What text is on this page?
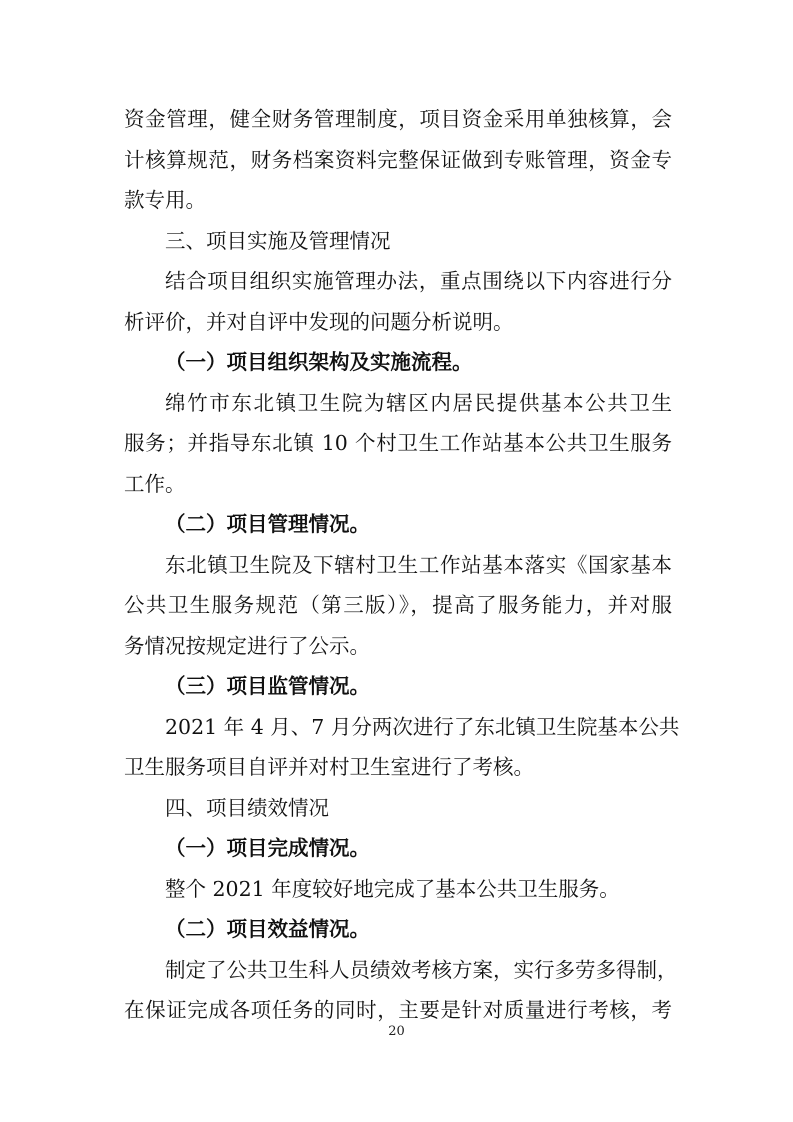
资金管理，健全财务管理制度，项目资金采用单独核算，会
计核算规范，财务档案资料完整保证做到专账管理，资金专
款专用。
三、项目实施及管理情况
结合项目组织实施管理办法，重点围绕以下内容进行分
析评价，并对自评中发现的问题分析说明。
（一）项目组织架构及实施流程。
绵竹市东北镇卫生院为辖区内居民提供基本公共卫生
服务；并指导东北镇 10 个村卫生工作站基本公共卫生服务
工作。
（二）项目管理情况。
东北镇卫生院及下辖村卫生工作站基本落实《国家基本
公共卫生服务规范（第三版）》，提高了服务能力，并对服
务情况按规定进行了公示。
（三）项目监管情况。
2021 年 4 月、7 月分两次进行了东北镇卫生院基本公共
卫生服务项目自评并对村卫生室进行了考核。
四、项目绩效情况
（一）项目完成情况。
整个 2021 年度较好地完成了基本公共卫生服务。
（二）项目效益情况。
制定了公共卫生科人员绩效考核方案，实行多劳多得制，
在保证完成各项任务的同时，主要是针对质量进行考核，考
20
